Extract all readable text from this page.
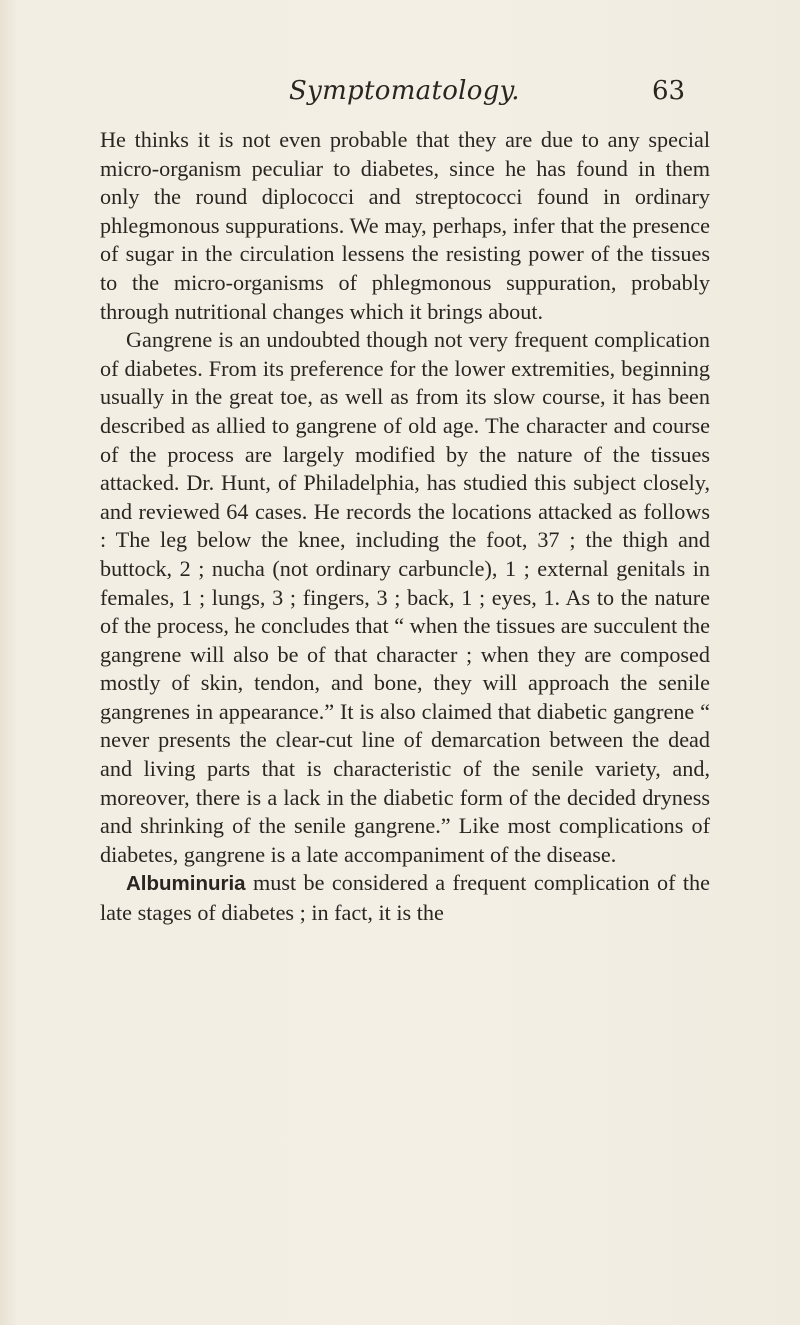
Symptomatology.	63

He thinks it is not even probable that they are due to any special micro-organism peculiar to diabetes, since he has found in them only the round diplococci and streptococci found in ordinary phlegmonous suppurations. We may, perhaps, infer that the presence of sugar in the circulation lessens the resisting power of the tissues to the micro-organisms of phlegmonous suppuration, probably through nutritional changes which it brings about.

Gangrene is an undoubted though not very frequent complication of diabetes. From its preference for the lower extremities, beginning usually in the great toe, as well as from its slow course, it has been described as allied to gangrene of old age. The character and course of the process are largely modified by the nature of the tissues attacked. Dr. Hunt, of Philadelphia, has studied this subject closely, and reviewed 64 cases. He records the locations attacked as follows : The leg below the knee, including the foot, 37 ; the thigh and buttock, 2 ; nucha (not ordinary carbuncle), 1 ; external genitals in females, 1 ; lungs, 3 ; fingers, 3 ; back, 1 ; eyes, 1. As to the nature of the process, he concludes that “ when the tissues are succulent the gangrene will also be of that character ; when they are composed mostly of skin, tendon, and bone, they will approach the senile gangrenes in appearance.” It is also claimed that diabetic gangrene “ never presents the clear-cut line of demarcation between the dead and living parts that is characteristic of the senile variety, and, moreover, there is a lack in the diabetic form of the decided dryness and shrinking of the senile gangrene.” Like most complications of diabetes, gangrene is a late accompaniment of the disease.

Albuminuria must be considered a frequent complication of the late stages of diabetes ; in fact, it is the
